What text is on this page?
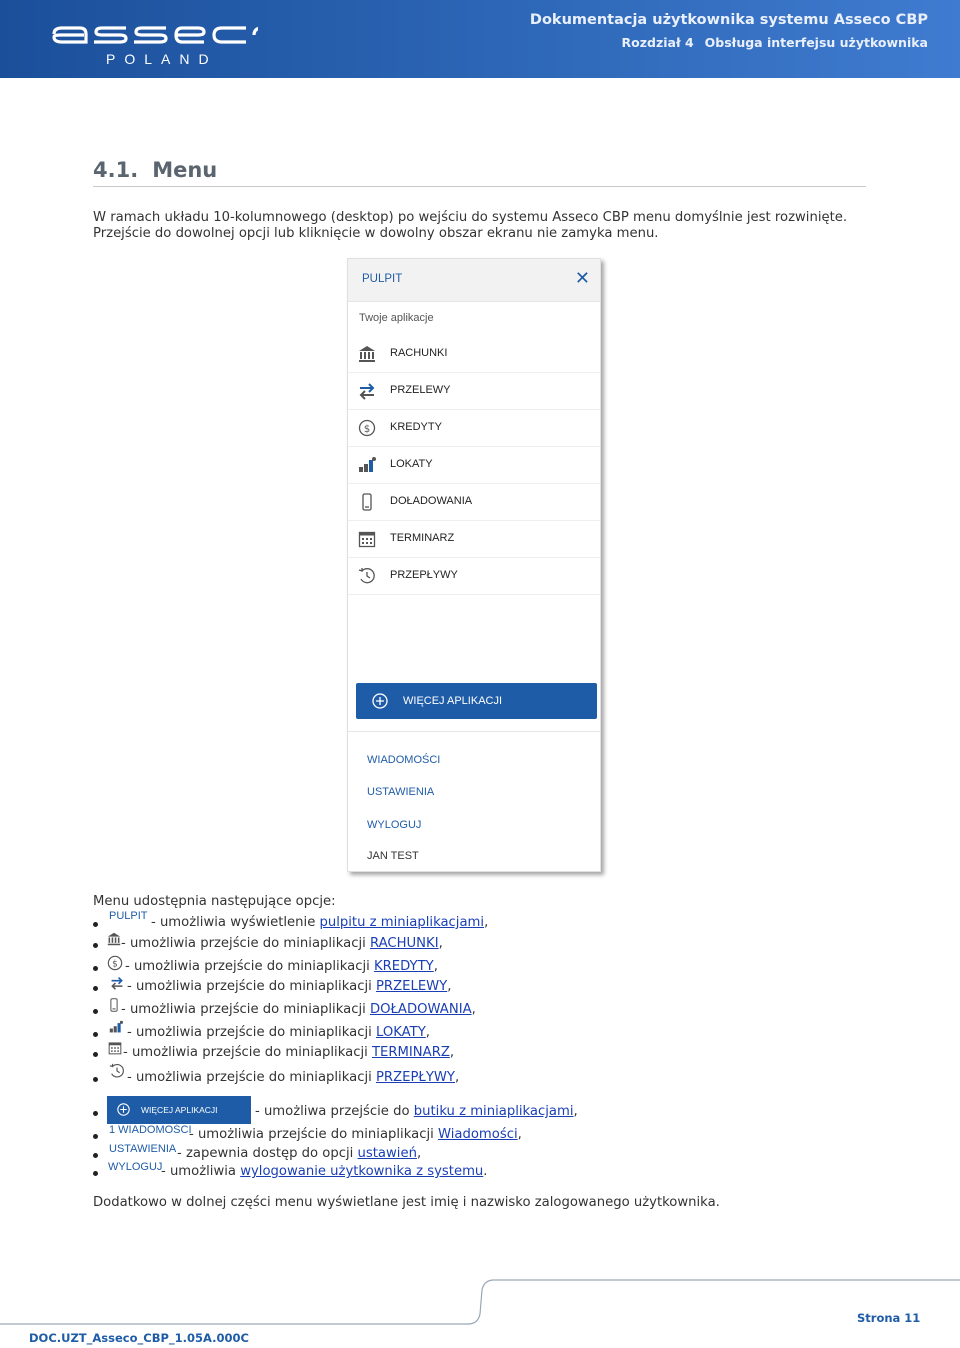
POLAND
Dokumentacja użytkownika systemu Asseco CBP
Rozdział 4 Obsługa interfejsu użytkownika
4.1. Menu
W ramach układu 10-kolumnowego (desktop) po wejściu do systemu Asseco CBP menu domyślnie jest rozwinięte.
Przejście do dowolnej opcji lub kliknięcie w dowolny obszar ekranu nie zamyka menu.
PULPIT	✕
Twoje aplikacje
RACHUNKI
PRZELEWY
$ KREDYTY
LOKATY
DOŁADOWANIA
TERMINARZ
PRZEPŁYWY
WIĘCEJ APLIKACJI
WIADOMOŚCI
USTAWIENIA
WYLOGUJ
JAN TEST
Menu udostępnia następujące opcje:
PULPIT - umożliwia wyświetlenie pulpitu z miniaplikacjami,
- umożliwia przejście do miniaplikacji RACHUNKI,
$ - umożliwia przejście do miniaplikacji KREDYTY,
- umożliwia przejście do miniaplikacji PRZELEWY,
- umożliwia przejście do miniaplikacji DOŁADOWANIA,
- umożliwia przejście do miniaplikacji LOKATY,
- umożliwia przejście do miniaplikacji TERMINARZ,
- umożliwia przejście do miniaplikacji PRZEPŁYWY,
WIĘCEJ APLIKACJI	- umożliwa przejście do butiku z miniaplikacjami,
1 WIADOMOŚCI
- umożliwia przejście do miniaplikacji Wiadomości,
USTAWIENIA - zapewnia dostęp do opcji ustawień,
WYLOGUJ
- umożliwia wylogowanie użytkownika z systemu.
Dodatkowo w dolnej części menu wyświetlane jest imię i nazwisko zalogowanego użytkownika.
DOC.UZT_Asseco_CBP_1.05A.000C
Strona 11
